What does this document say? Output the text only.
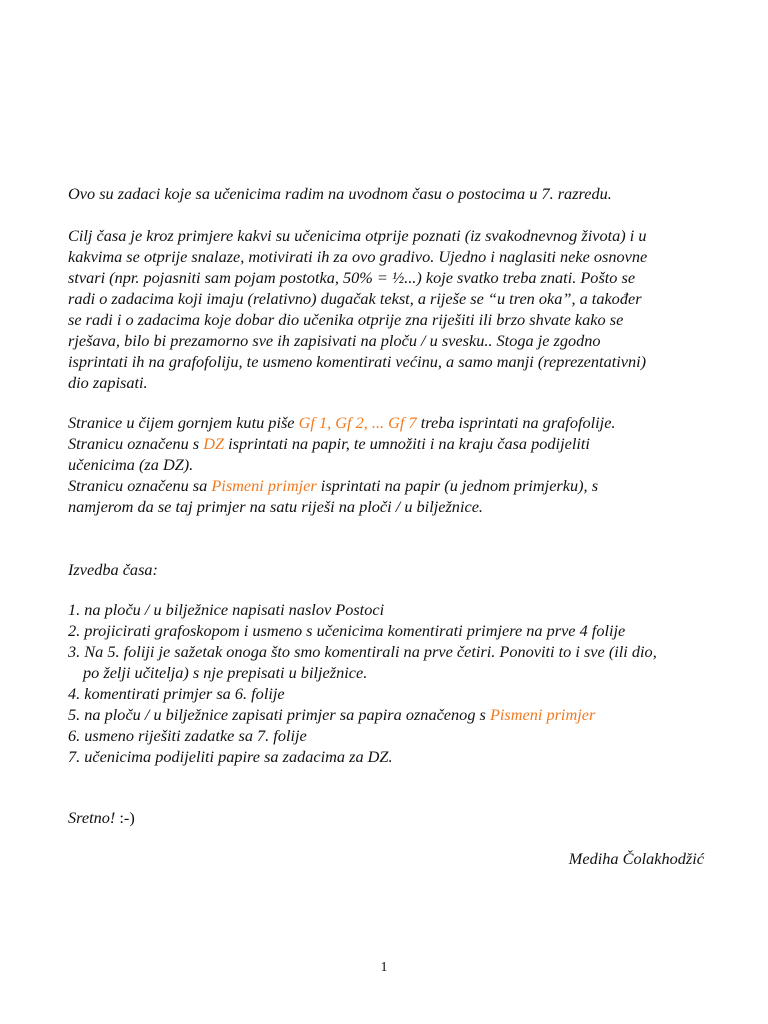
Ovo su zadaci koje sa učenicima radim na uvodnom času o postocima u 7. razredu.
Cilj časa je kroz primjere kakvi su učenicima otprije poznati (iz svakodnevnog života) i u
kakvima se otprije snalaze, motivirati ih za ovo gradivo. Ujedno i naglasiti neke osnovne
stvari (npr. pojasniti sam pojam postotka, 50% = ½...) koje svatko treba znati. Pošto se
radi o zadacima koji imaju (relativno) dugačak tekst, a riješe se “u tren oka”, a također
se radi i o zadacima koje dobar dio učenika otprije zna riješiti ili brzo shvate kako se
rješava, bilo bi prezamorno sve ih zapisivati na ploču / u svesku.. Stoga je zgodno
isprintati ih na grafofoliju, te usmeno komentirati većinu, a samo manji (reprezentativni)
dio zapisati.
Stranice u čijem gornjem kutu piše Gf 1, Gf 2, ... Gf 7 treba isprintati na grafofolije.
Stranicu označenu s DZ isprintati na papir, te umnožiti i na kraju časa podijeliti
učenicima (za DZ).
Stranicu označenu sa Pismeni primjer isprintati na papir (u jednom primjerku), s
namjerom da se taj primjer na satu riješi na ploči / u bilježnice.
Izvedba časa:
1. na ploču / u bilježnice napisati naslov Postoci
2. projicirati grafoskopom i usmeno s učenicima komentirati primjere na prve 4 folije
3. Na 5. foliji je sažetak onoga što smo komentirali na prve četiri. Ponoviti to i sve (ili dio,
po želji učitelja) s nje prepisati u bilježnice.
4. komentirati primjer sa 6. folije
5. na ploču / u bilježnice zapisati primjer sa papira označenog s Pismeni primjer
6. usmeno riješiti zadatke sa 7. folije
7. učenicima podijeliti papire sa zadacima za DZ.
Sretno! :-)
Mediha Čolakhodžić
1
